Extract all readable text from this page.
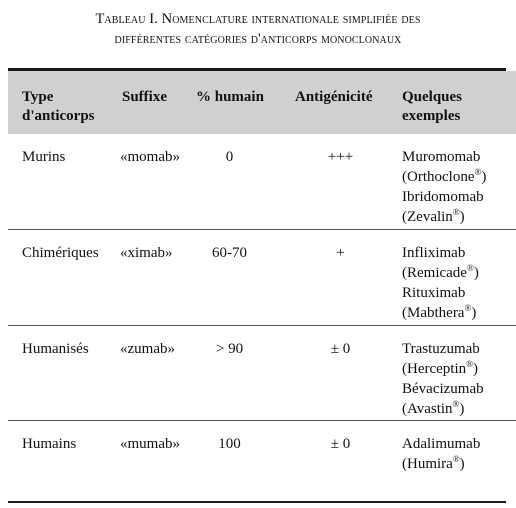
Tableau I. Nomenclature internationale simplifiée des
différentes catégories d'anticorps monoclonaux
Type
d'anticorps	Suffixe	% humain	Antigénicité	Quelques
exemples

Murins	«momab»	0	+++	Muromomab
(Orthoclone®)
Ibridomomab
(Zevalin®)

Chimériques	«ximab»	60-70	+	Infliximab
(Remicade®)
Rituximab
(Mabthera®)

Humanisés	«zumab»	> 90	± 0	Trastuzumab
(Herceptin®)
Bévacizumab
(Avastin®)

Humains	«mumab»	100	± 0	Adalimumab
(Humira®)
